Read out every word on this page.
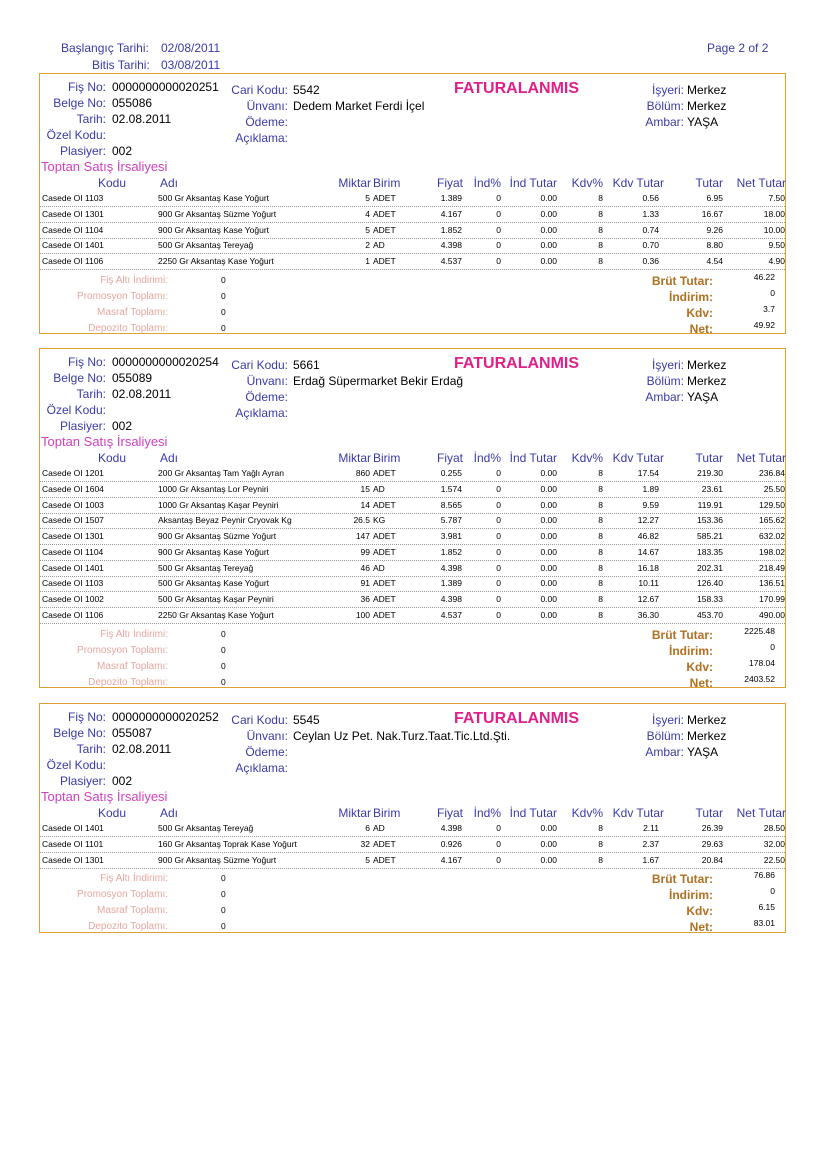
Başlangıç Tarihi: 02/08/2011
Bitis Tarihi: 03/08/2011
Page 2 of 2
Fiş No: 0000000000020251
Belge No: 055086
Tarih: 02.08.2011
Özel Kodu:
Plasiyer: 002
Cari Kodu: 5542
Ünvanı: Dedem Market Ferdi İçel
Ödeme:
Açıklama:
FATURALANMIS	İşyeri: Merkez
Bölüm: Merkez
Ambar: YAŞA
Toptan Satış İrsaliyesi
Kodu	Adı	Miktar Birim	Fiyat İnd% İnd Tutar Kdv% Kdv Tutar	Tutar Net Tutar
Casede OI 1103	500 Gr Aksantaş Kase Yoğurt	5 ADET	1.389	0	0.00	8	0.56	6.95	7.50
Casede OI 1301	900 Gr Aksantaş Süzme Yoğurt	4 ADET	4.167	0	0.00	8	1.33	16.67	18.00
Casede OI 1104	900 Gr Aksantaş Kase Yoğurt	5 ADET	1.852	0	0.00	8	0.74	9.26	10.00
Casede OI 1401	500 Gr Aksantaş Tereyağ	2 AD	4.398	0	0.00	8	0.70	8.80	9.50
Casede OI 1106	2250 Gr Aksantaş Kase Yoğurt	1 ADET	4.537	0	0.00	8	0.36	4.54	4.90
Fiş Altı İndirimi:	0	Brüt Tutar:	46.22
Promosyon Toplamı:	0	İndirim:	0
Masraf Toplamı:	0	Kdv:	3.7
Depozito Toplamı:	0	Net:	49.92
Fiş No: 0000000000020254
Belge No: 055089
Tarih: 02.08.2011
Özel Kodu:
Plasiyer: 002
Cari Kodu: 5661
Ünvanı: Erdağ Süpermarket Bekir Erdağ
Ödeme:
Açıklama:
FATURALANMIS	İşyeri: Merkez
Bölüm: Merkez
Ambar: YAŞA
Toptan Satış İrsaliyesi
Kodu	Adı	Miktar Birim	Fiyat İnd% İnd Tutar Kdv% Kdv Tutar	Tutar Net Tutar
Casede OI 1201	200 Gr Aksantaş Tam Yağlı Ayran	860 ADET	0.255	0	0.00	8	17.54	219.30	236.84
Casede OI 1604	1000 Gr Aksantaş Lor Peyniri	15 AD	1.574	0	0.00	8	1.89	23.61	25.50
Casede OI 1003	1000 Gr Aksantaş Kaşar Peyniri	14 ADET	8.565	0	0.00	8	9.59	119.91	129.50
Casede OI 1507	Aksantaş Beyaz Peynir Cryovak Kg	26.5 KG	5.787	0	0.00	8	12.27	153.36	165.62
Casede OI 1301	900 Gr Aksantaş Süzme Yoğurt	147 ADET	3.981	0	0.00	8	46.82	585.21	632.02
Casede OI 1104	900 Gr Aksantaş Kase Yoğurt	99 ADET	1.852	0	0.00	8	14.67	183.35	198.02
Casede OI 1401	500 Gr Aksantaş Tereyağ	46 AD	4.398	0	0.00	8	16.18	202.31	218.49
Casede OI 1103	500 Gr Aksantaş Kase Yoğurt	91 ADET	1.389	0	0.00	8	10.11	126.40	136.51
Casede OI 1002	500 Gr Aksantaş Kaşar Peyniri	36 ADET	4.398	0	0.00	8	12.67	158.33	170.99
Casede OI 1106	2250 Gr Aksantaş Kase Yoğurt	100 ADET	4.537	0	0.00	8	36.30	453.70	490.00
Fiş Altı İndirimi:	0	Brüt Tutar:	2225.48
Promosyon Toplamı:	0	İndirim:	0
Masraf Toplamı:	0	Kdv:	178.04
Depozito Toplamı:	0	Net:	2403.52
Fiş No: 0000000000020252
Belge No: 055087
Tarih: 02.08.2011
Özel Kodu:
Plasiyer: 002
Cari Kodu: 5545
Ünvanı: Ceylan Uz Pet. Nak.Turz.Taat.Tic.Ltd.Şti.
Ödeme:
Açıklama:
FATURALANMIS	İşyeri: Merkez
Bölüm: Merkez
Ambar: YAŞA
Toptan Satış İrsaliyesi
Kodu	Adı	Miktar Birim	Fiyat İnd% İnd Tutar Kdv% Kdv Tutar	Tutar Net Tutar
Casede OI 1401	500 Gr Aksantaş Tereyağ	6 AD	4.398	0	0.00	8	2.11	26.39	28.50
Casede OI 1101	160 Gr Aksantaş Toprak Kase Yoğurt	32 ADET	0.926	0	0.00	8	2.37	29.63	32.00
Casede OI 1301	900 Gr Aksantaş Süzme Yoğurt	5 ADET	4.167	0	0.00	8	1.67	20.84	22.50
Fiş Altı İndirimi:	0	Brüt Tutar:	76.86
Promosyon Toplamı:	0	İndirim:	0
Masraf Toplamı:	0	Kdv:	6.15
Depozito Toplamı:	0	Net:	83.01
